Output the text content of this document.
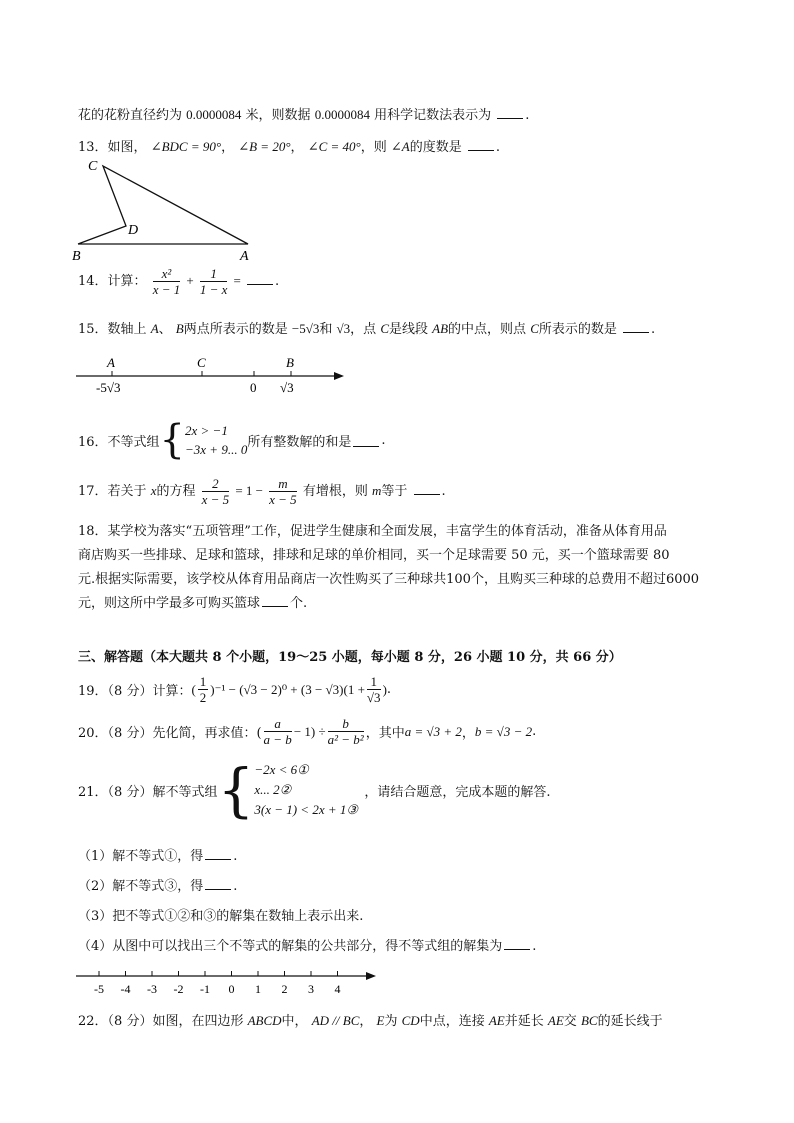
花的花粉直径约为 0.0000084 米，则数据 0.0000084 用科学记数法表示为	.
13．如图， ∠BDC = 90°， ∠B = 20°， ∠C = 40°，则 ∠A的度数是	.
C
D
B	A
14．计算： $\frac{\text{x²}}{x - 1} + \frac{1}{1 - x}$ =	.
15．数轴上 A、 B两点所表示的数是 −5√3和 √3，点 C是线段 AB的中点，则点 C所表示的数是	.
A	C	B
0
-5√3	√3
16．不等式组 { 2x > −1
−3x + 9... 0 所有整数解的和是 .
17．若关于 x的方程 $\frac{2}{x - 5} = 1 - \frac{m}{x - 5}$ 有增根，则 m等于	.
18．某学校为落实“五项管理”工作，促进学生健康和全面发展，丰富学生的体育活动，准备从体育用品
商店购买一些排球、足球和篮球，排球和足球的单价相同，买一个足球需要 50 元，买一个篮球需要 80
元.根据实际需要，该学校从体育用品商店一次性购买了三种球共100个，且购买三种球的总费用不超过6000
元，则这所中学最多可购买篮球 个.
三、解答题（本大题共 8 个小题，19～25 小题，每小题 8 分，26 小题 10 分，共 66 分）
19．（8 分）计算： ( $\frac{1}{2} )^{-1} - (√3 - 2)^0 + (3 - √3)(1 + \frac{1}{√3}$ ) .
20．（8 分）先化简，再求值：( $\frac{a}{a - b} - 1) \div \frac{b}{\text{a² − b²}}$ ，其中 a = √3 + 2 ， b = √3 − 2 .
21．（8 分）解不等式组 { −2x < 6①
x... 2②
3(x − 1) < 2x + 1③
，请结合题意，完成本题的解答.
（1）解不等式①，得 .
（2）解不等式③，得 .
（3）把不等式①②和③的解集在数轴上表示出来.
（4）从图中可以找出三个不等式的解集的公共部分，得不等式组的解集为 .
-5 -4 -3 -2 -1 0 1 2 3 4
22．（8 分）如图，在四边形 ABCD中， AD // BC， E为 CD中点，连接 AE并延长 AE交 BC的延长线于
